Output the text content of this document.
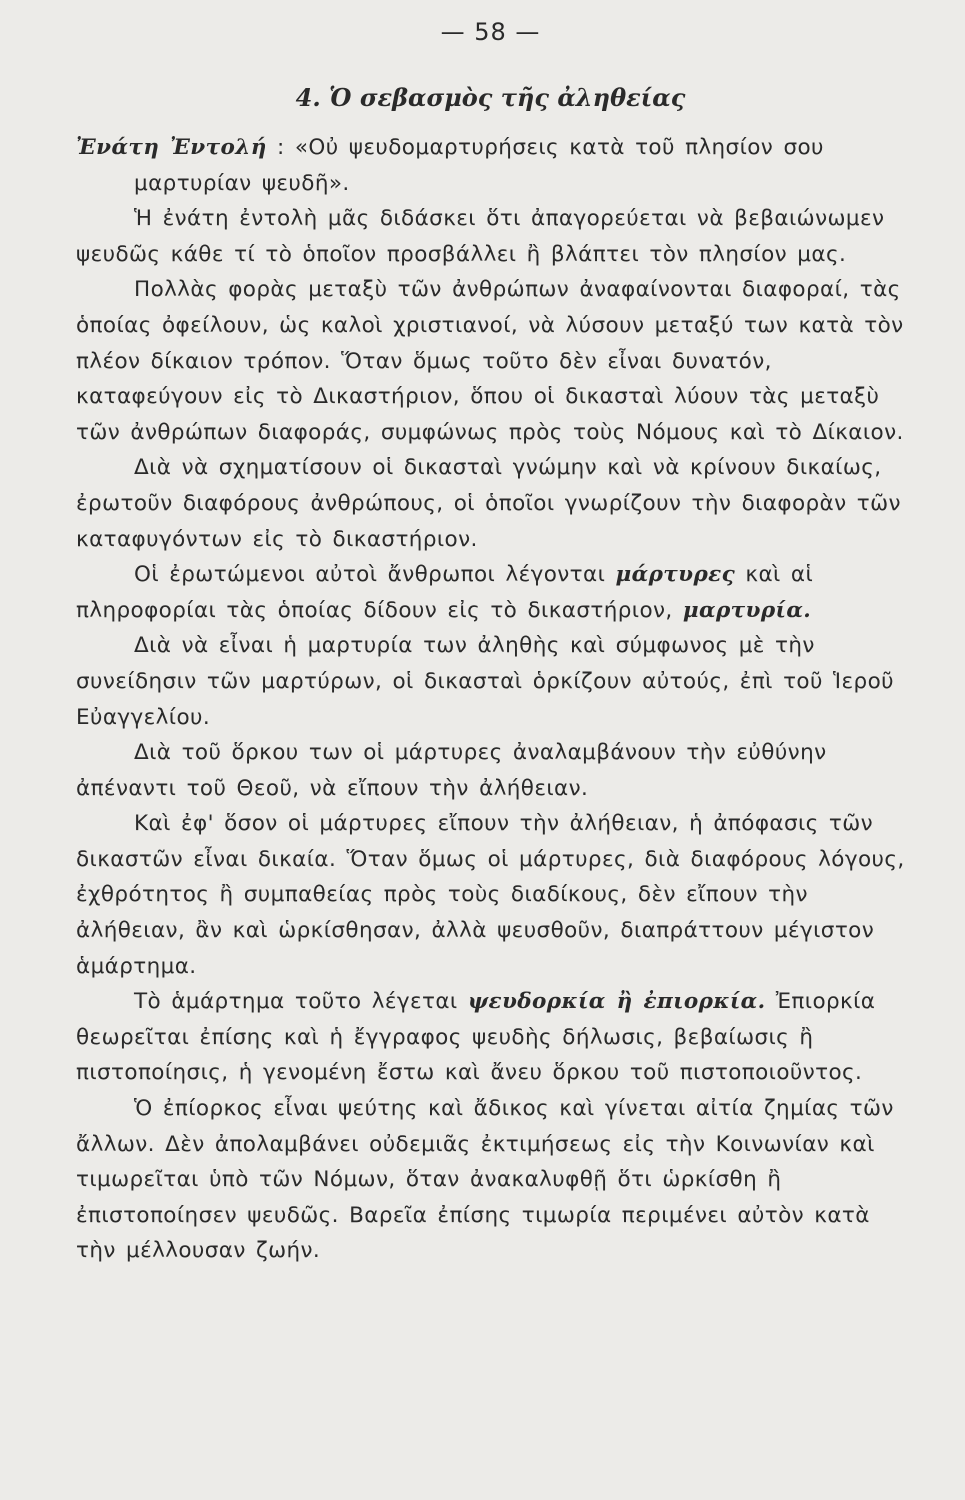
— 58 —
4. Ὁ σεβασμὸς τῆς ἀληθείας

Ἐνάτη Ἐντολή : «Οὐ ψευδομαρτυρήσεις κατὰ τοῦ πλησίον σου

μαρτυρίαν ψευδῆ».

Ἡ ἐνάτη ἐντολὴ μᾶς διδάσκει ὅτι ἀπαγορεύεται νὰ βεβαιώνωμεν ψευδῶς κάθε τί τὸ ὁποῖον προσβάλλει ἢ βλάπτει τὸν πλησίον μας.

Πολλὰς φορὰς μεταξὺ τῶν ἀνθρώπων ἀναφαίνονται διαφοραί, τὰς ὁποίας ὀφείλουν, ὡς καλοὶ χριστιανοί, νὰ λύσουν μεταξύ των κατὰ τὸν πλέον δίκαιον τρόπον. Ὅταν ὅμως τοῦτο δὲν εἶναι δυνατόν, καταφεύγουν εἰς τὸ Δικαστήριον, ὅπου οἱ δικασταὶ λύουν τὰς μεταξὺ τῶν ἀνθρώπων διαφοράς, συμφώνως πρὸς τοὺς Νόμους καὶ τὸ Δίκαιον.

Διὰ νὰ σχηματίσουν οἱ δικασταὶ γνώμην καὶ νὰ κρίνουν δικαίως, ἐρωτοῦν διαφόρους ἀνθρώπους, οἱ ὁποῖοι γνωρίζουν τὴν διαφορὰν τῶν καταφυγόντων εἰς τὸ δικαστήριον.

Οἱ ἐρωτώμενοι αὐτοὶ ἄνθρωποι λέγονται μάρτυρες καὶ αἱ πληροφορίαι τὰς ὁποίας δίδουν εἰς τὸ δικαστήριον, μαρτυρία.

Διὰ νὰ εἶναι ἡ μαρτυρία των ἀληθὴς καὶ σύμφωνος μὲ τὴν συνείδησιν τῶν μαρτύρων, οἱ δικασταὶ ὁρκίζουν αὐτούς, ἐπὶ τοῦ Ἱεροῦ Εὐαγγελίου.

Διὰ τοῦ ὅρκου των οἱ μάρτυρες ἀναλαμβάνουν τὴν εὐθύνην ἀπέναντι τοῦ Θεοῦ, νὰ εἴπουν τὴν ἀλήθειαν.

Καὶ ἐφ' ὅσον οἱ μάρτυρες εἴπουν τὴν ἀλήθειαν, ἡ ἀπόφασις τῶν δικαστῶν εἶναι δικαία. Ὅταν ὅμως οἱ μάρτυρες, διὰ διαφόρους λόγους, ἐχθρότητος ἢ συμπαθείας πρὸς τοὺς διαδίκους, δὲν εἴπουν τὴν ἀλήθειαν, ἂν καὶ ὡρκίσθησαν, ἀλλὰ ψευσθοῦν, διαπράττουν μέγιστον ἁμάρτημα.

Τὸ ἁμάρτημα τοῦτο λέγεται ψευδορκία ἢ ἐπιορκία. Ἐπιορκία θεωρεῖται ἐπίσης καὶ ἡ ἔγγραφος ψευδὴς δήλωσις, βεβαίωσις ἢ πιστοποίησις, ἡ γενομένη ἔστω καὶ ἄνευ ὅρκου τοῦ πιστοποιοῦντος.

Ὁ ἐπίορκος εἶναι ψεύτης καὶ ἄδικος καὶ γίνεται αἰτία ζημίας τῶν ἄλλων. Δὲν ἀπολαμβάνει οὐδεμιᾶς ἐκτιμήσεως εἰς τὴν Κοινωνίαν καὶ τιμωρεῖται ὑπὸ τῶν Νόμων, ὅταν ἀνακαλυφθῇ ὅτι ὡρκίσθη ἢ ἐπιστοποίησεν ψευδῶς. Βαρεῖα ἐπίσης τιμωρία περιμένει αὐτὸν κατὰ τὴν μέλλουσαν ζωήν.
